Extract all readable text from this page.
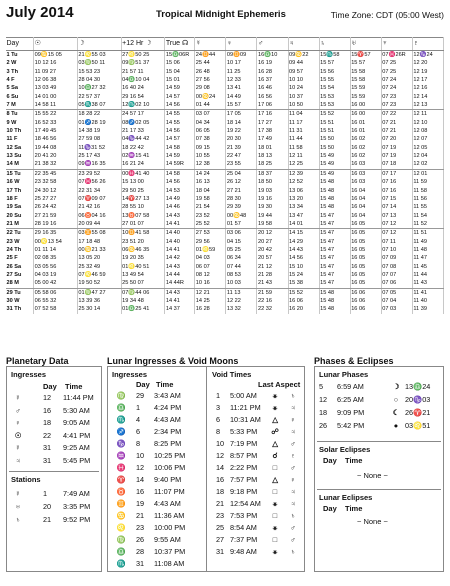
July 2014	Tropical Midnight Ephemeris	Time Zone: CDT (05:00 West)
Day	☉	☽	+12 Hr ☽	True ☊	☿	♀	♂	♃	♄	♅	♆	♇
1 Tu	09♋15 05	21♌55 03	27♌50 25	15♎06R	24♊44	09♊09	16♎10	09♋22	15♏58	15♈57	07♓26R	12♑24
2 W	10 12 16	03♍50 11	09♍51 37	15 06	25 44	10 17	16 19	09 44	15 57	15 57	07 25	12 20
3 Th	11 09 27	15 53 23	21 57 11	15 04	26 48	11 25	16 28	09 57	15 56	15 58	07 25	12 19
4 F	12 06 38	28 04 30	04♎10 04	15 01	27 56	12 33	16 37	10 10	15 55	15 58	07 24	12 17
5 Sa	13 03 49	10♎27 32	16 40 24	14 59	29 08	13 41	16 46	10 24	15 54	15 59	07 24	12 16
6 Su	14 01 00	22 57 37	29 16 54	14 57	00♋24	14 49	16 56	10 37	15 53	15 59	07 23	12 14
7 M	14 58 11	05♏38 07	12♏02 10	14 56	01 44	15 57	17 06	10 50	15 53	16 00	07 23	12 13
8 Tu	15 55 22	18 28 22	24 57 17	14 55	03 07	17 05	17 16	11 04	15 52	16 00	07 22	12 11
9 W	16 52 33	01♐28 19	08♐02 05	14 55	04 34	18 14	17 27	11 17	15 51	16 01	07 21	12 10
10 Th	17 49 45	14 38 19	21 17 33	14 56	06 05	19 22	17 38	11 31	15 51	16 01	07 21	12 08
11 F	18 46 56	27 59 08	04♑44 42	14 57	07 38	20 30	17 49	11 44	15 50	16 02	07 20	12 07
12 Sa	19 44 08	11♑31 52	18 22 42	14 58	09 15	21 39	18 01	11 58	15 50	16 02	07 19	12 05
13 Su	20 41 20	25 17 43	02♒15 41	14 59	10 55	22 47	18 13	12 11	15 49	16 02	07 19	12 04
14 M	21 38 32	09♒16 35	16 21 24	14 59R	12 38	23 55	18 25	12 25	15 49	16 03	07 18	12 02
15 Tu	22 35 45	23 29 52	00♓41 40	14 58	14 24	25 04	18 37	12 39	15 49	16 03	07 17	12 01
16 W	23 32 58	07♓56 26	15 13 00	14 56	16 13	26 12	18 50	12 52	15 48	16 03	07 16	11 59
17 Th	24 30 12	22 31 34	29 50 25	14 53	18 04	27 21	19 03	13 06	15 48	16 04	07 16	11 58
18 F	25 27 27	07♈09 07	14♈27 13	14 49	19 58	28 30	19 16	13 20	15 48	16 04	07 15	11 56
19 Sa	26 24 42	21 42 16	28 55 10	14 46	21 54	29 39	19 30	13 34	15 48	16 04	07 14	11 55
20 Su	27 21 59	06♉04 16	13♉07 58	14 43	23 52	00♋48	19 44	13 47	15 47	16 04	07 13	11 54
21 M	28 19 16	20 09 44	27 01 07	14 41	25 52	01 57	19 58	14 01	15 47	16 05	07 12	11 52
22 Tu	29 16 35	03♊55 08	10♊41 58	14 40	27 53	03 06	20 12	14 15	15 47	16 05	07 12	11 51
23 W	00♌13 54	17 18 48	23 51 20	14 40	29 56	04 15	20 27	14 29	15 47	16 05	07 11	11 49
24 Th	01 11 14	00♋21 33	06♋46 35	14 41	01♌59	05 25	20 42	14 43	15 47	16 05	07 10	11 48
25 F	02 08 35	13 05 20	19 20 35	14 42	04 03	06 34	20 57	14 56	15 47	16 05	07 09	11 47
26 Sa	03 05 56	25 32 49	01♌40 51	14 43	06 07	07 44	21 12	15 10	15 47	16 05	07 08	11 45
27 Su	04 03 19	07♌46 59	13 49 54	14 44	08 12	08 53	21 28	15 24	15 47	16 05	07 07	11 44
28 M	05 00 42	19 50 52	25 50 07	14 44R	10 16	10 03	21 43	15 38	15 47	16 05	07 06	11 43
29 Tu	05 58 06	01♍47 27	07♍44 06	14 43	12 21	11 13	21 59	15 52	15 48	16 06	07 05	11 41
30 W	06 55 32	13 39 36	19 34 48	14 41	14 25	12 22	22 16	16 06	15 48	16 06	07 04	11 40
31 Th	07 52 58	25 30 14	01♎25 41	14 37	16 28	13 32	22 32	16 20	15 48	16 06	07 03	11 39
Planetary Data
Ingresses
Day Time
☿	12	11:44 PM
♂	16	5:30 AM
♀	18	9:05 AM
☉	22	4:41 PM
☿	31	9:25 AM
♃	31	5:45 PM
Stations
☿	1	7:49 AM
♅	20	3:35 PM
♄	21	9:52 PM
Lunar Ingresses & Void Moons
Ingresses
Day Time
Void Times
Last Aspect
♍	29	3:43 AM
♎	1	4:24 PM
♏	4	4:43 AM
♐	6	2:34 PM
♑	8	8:25 PM
♒	10	10:25 PM
♓	12	10:06 PM
♈	14	9:40 PM
♉	16	11:07 PM
♊	19	4:43 AM
♋	21	11:36 AM
♌	23	10:00 PM
♍	26	9:55 AM
♎	28	10:37 PM
♏	31	11:08 AM
1	5:00 AM	⚹	♄
3	11:21 PM	⚹	♃
6	10:31 AM	△	♀
8	5:33 PM	☍	♃
10 7:19 PM	△	♂
12 8:57 PM	☌	♇
14 2:22 PM	□	♂
16 7:57 PM	△	♀
18 9:18 PM	□	♃
21 12:54 AM	⚹	♃
23 7:53 PM	□	♄
25 8:54 AM	⚹	♂
27 7:37 PM	□	♂
31 9:48 AM	⚹	♄
Phases & Eclipses
Lunar Phases
5	6:59 AM	☽ 13♎24
12	6:25 AM	○ 20♑03
18	9:09 PM	☾ 26♈21
26	5:42 PM	● 03♌51
Solar Eclipses
Day Time
~ None ~
Lunar Eclipses
Day Time
~ None ~
